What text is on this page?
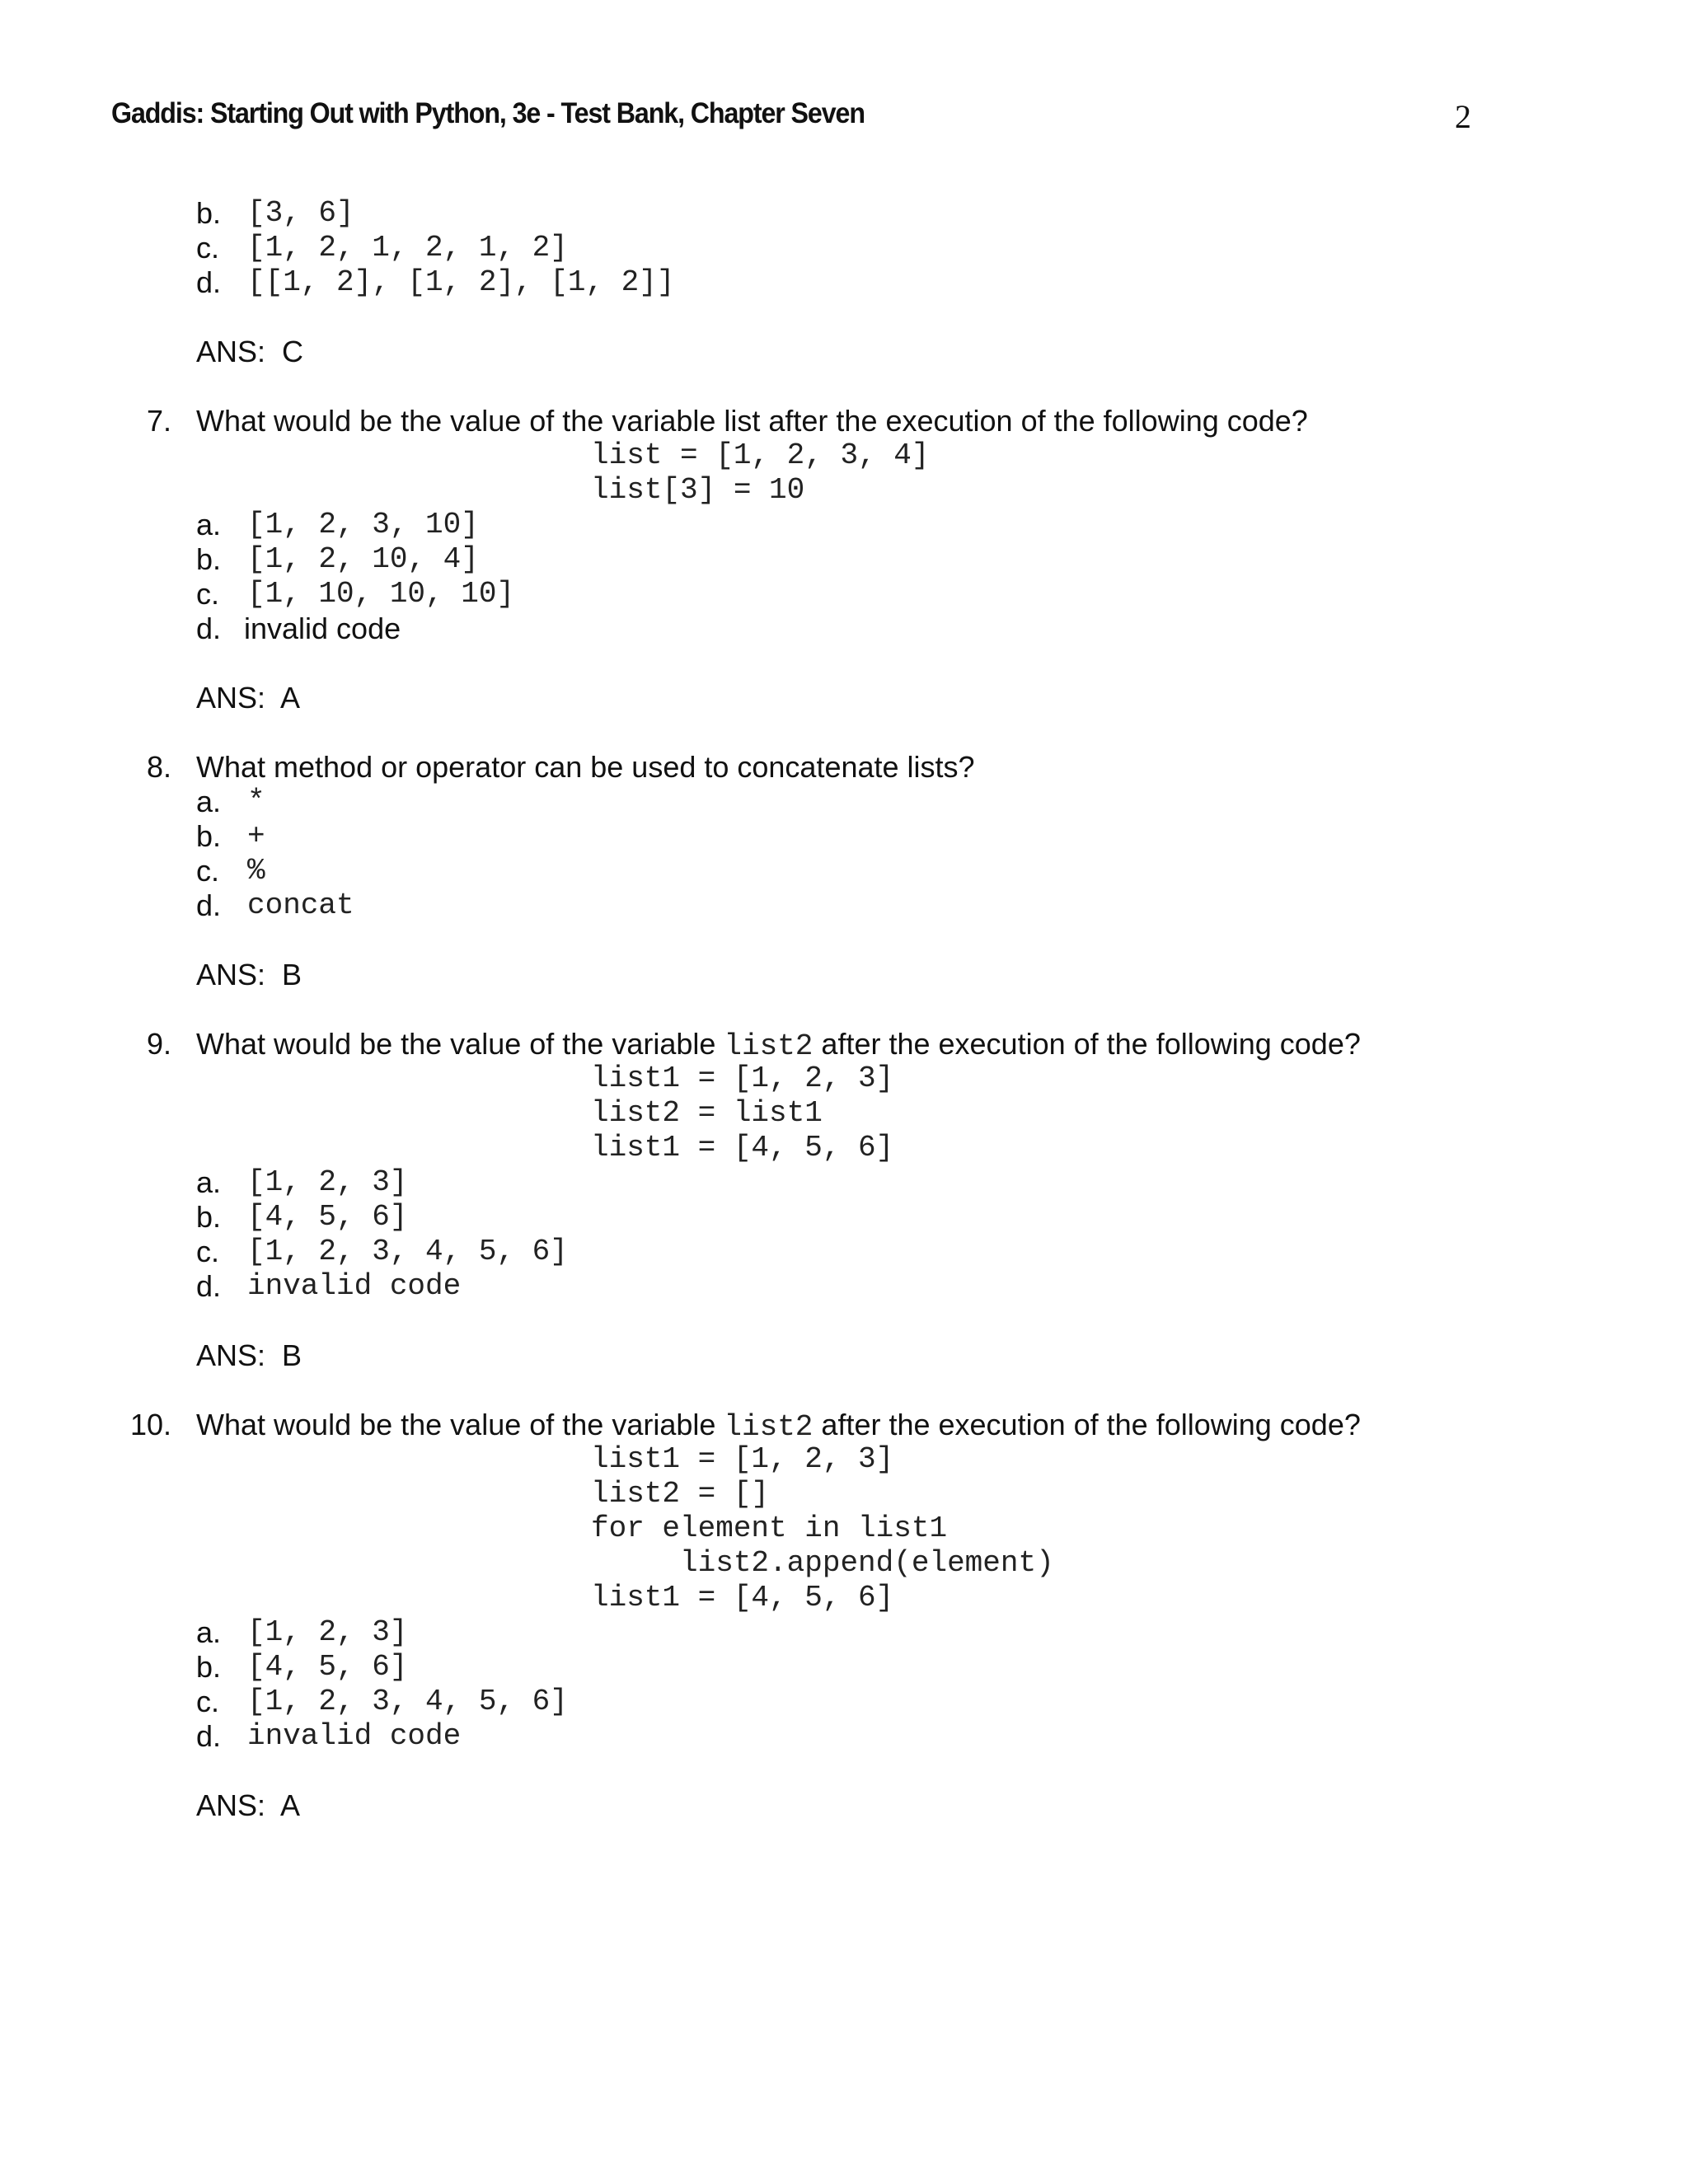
Gaddis: Starting Out with Python, 3e - Test Bank, Chapter Seven	2

b.

[3, 6]

c.

[1, 2, 1, 2, 1, 2]

d.

[[1, 2], [1, 2], [1, 2]]

ANS:  C
7. What would be the value of the variable list after the execution of the following code?
list = [1, 2, 3, 4]
list[3] = 10

a.

[1, 2, 3, 10]

b.

[1, 2, 10, 4]

c.

[1, 10, 10, 10]

d.

invalid code

ANS:  A
8. What method or operator can be used to concatenate lists?

a.

*

b.

+

c.

%

d.

concat

ANS:  B
9. What would be the value of the variable list2 after the execution of the following code?
list1 = [1, 2, 3]
list2 = list1
list1 = [4, 5, 6]

a.

[1, 2, 3]

b.

[4, 5, 6]

c.

[1, 2, 3, 4, 5, 6]

d.

invalid code

ANS:  B
10. What would be the value of the variable list2 after the execution of the following code?
list1 = [1, 2, 3]
list2 = []
for element in list1
list2.append(element)
list1 = [4, 5, 6]

a.

[1, 2, 3]

b.

[4, 5, 6]

c.

[1, 2, 3, 4, 5, 6]

d.

invalid code

ANS:  A
